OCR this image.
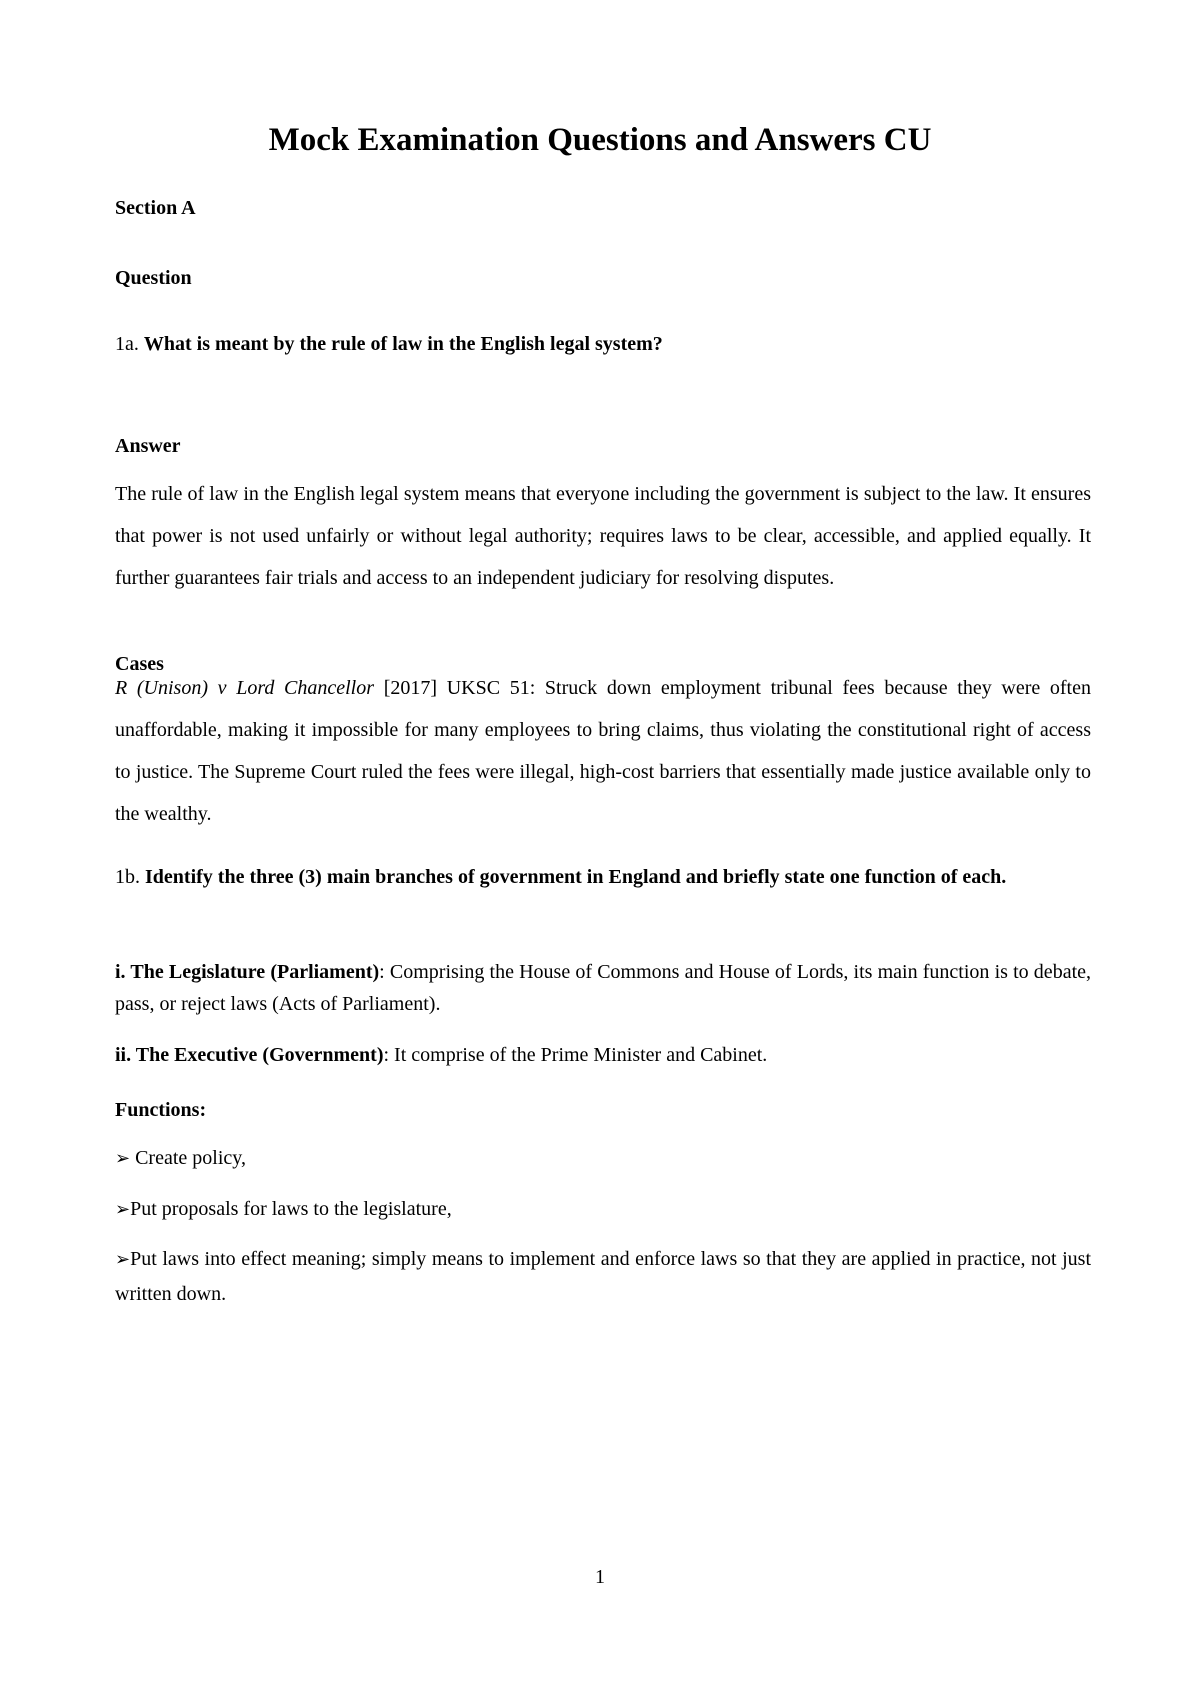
Mock Examination Questions and Answers CU
Section A
Question
1a. What is meant by the rule of law in the English legal system?
Answer

The rule of law in the English legal system means that everyone including the government is subject to the law. It ensures that power is not used unfairly or without legal authority; requires laws to be clear, accessible, and applied equally. It further guarantees fair trials and access to an independent judiciary for resolving disputes.

Cases

R (Unison) v Lord Chancellor [2017] UKSC 51: Struck down employment tribunal fees because they were often unaffordable, making it impossible for many employees to bring claims, thus violating the constitutional right of access to justice. The Supreme Court ruled the fees were illegal, high-cost barriers that essentially made justice available only to the wealthy.

1b. Identify the three (3) main branches of government in England and briefly state one function of each.

i. The Legislature (Parliament): Comprising the House of Commons and House of Lords, its main function is to debate, pass, or reject laws (Acts of Parliament).

ii. The Executive (Government): It comprise of the Prime Minister and Cabinet.

Functions:

➢ Create policy,

➢Put proposals for laws to the legislature,

➢Put laws into effect meaning; simply means to implement and enforce laws so that they are applied in practice, not just written down.

1
